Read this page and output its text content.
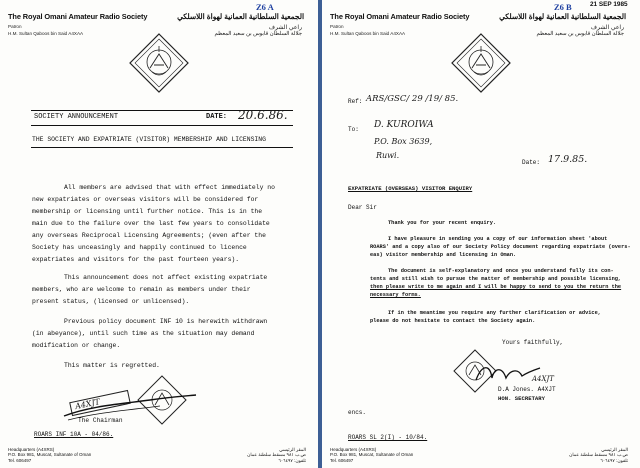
The Royal Omani Amateur Radio Society	الجمعية السلطانية العمانية لهواة اللاسلكي
Z6 A
Patron
H.M. Sultan Qaboos bin Said A4XAA
راعي الشرف
جلالة السلطان قابوس بن سعيد المعظم
SOCIETY ANNOUNCEMENT	DATE: 20.6.86.
THE SOCIETY AND EXPATRIATE (VISITOR) MEMBERSHIP AND LICENSING
All members are advised that with effect immediately no
new expatriates or overseas visitors will be considered for
membership or licensing until further notice. This is in the
main due to the failure over the last few years to consolidate
any overseas Reciprocal Licensing Agreements; (even after the
Society has unceasingly and happily continued to licence
expatriates and visitors for the past fourteen years).
This announcement does not affect existing expatriate
members, who are welcome to remain as members under their
present status, (licensed or unlicensed).
Previous policy document INF 10 is herewith withdrawn
(in abeyance), until such time as the situation may demand
modification or change.
This matter is regretted.
A4XJT
The Chairman
ROARS INF 10A - 04/86.
Headquarters (A4XRS)
P.O. Box 981, Muscat, Sultanate of Oman
Tel. 606497
المقر الرئيسي
ص.ب ٩٨١ مسقط سلطنة عمان
تلفون: ٦٠٦٤٩٧
The Royal Omani Amateur Radio Society	الجمعية السلطانية العمانية لهواة اللاسلكي
Z6 B	21 SEP 1985
Patron
H.M. Sultan Qaboos bin Said A4XAA
راعي الشرف
جلالة السلطان قابوس بن سعيد المعظم
Ref: ARS/GSC/ 29 /19/ 85.
To: D. KUROIWA
P.O. Box 3639,
Ruwi.
Date: 17.9.85.
EXPATRIATE (OVERSEAS) VISITOR ENQUIRY
Dear Sir
Thank you for your recent enquiry.
I have pleasure in sending you a copy of our information sheet 'about
ROARS' and a copy also of our Society Policy document regarding expatriate (overs-
eas) visitor membership and licensing in Oman.
The document is self-explanatory and once you understand fully its con-
tents and still wish to pursue the matter of membership and possible licensing,
then please write to me again and I will be happy to send to you the return the
necessary forms.
If in the meantime you require any further clarification or advice,
please do not hesitate to contact the Society again.
Yours faithfully,
A4XJT
D.A Jones. A4XJT
HON. SECRETARY
encs.
ROARS SL 2(I) - 10/84.
Headquarters (A4XRS)
P.O. Box 981, Muscat, Sultanate of Oman
Tel. 606497
المقر الرئيسي
ص.ب ٩٨١ مسقط سلطنة عمان
تلفون: ٦٠٦٤٩٧
